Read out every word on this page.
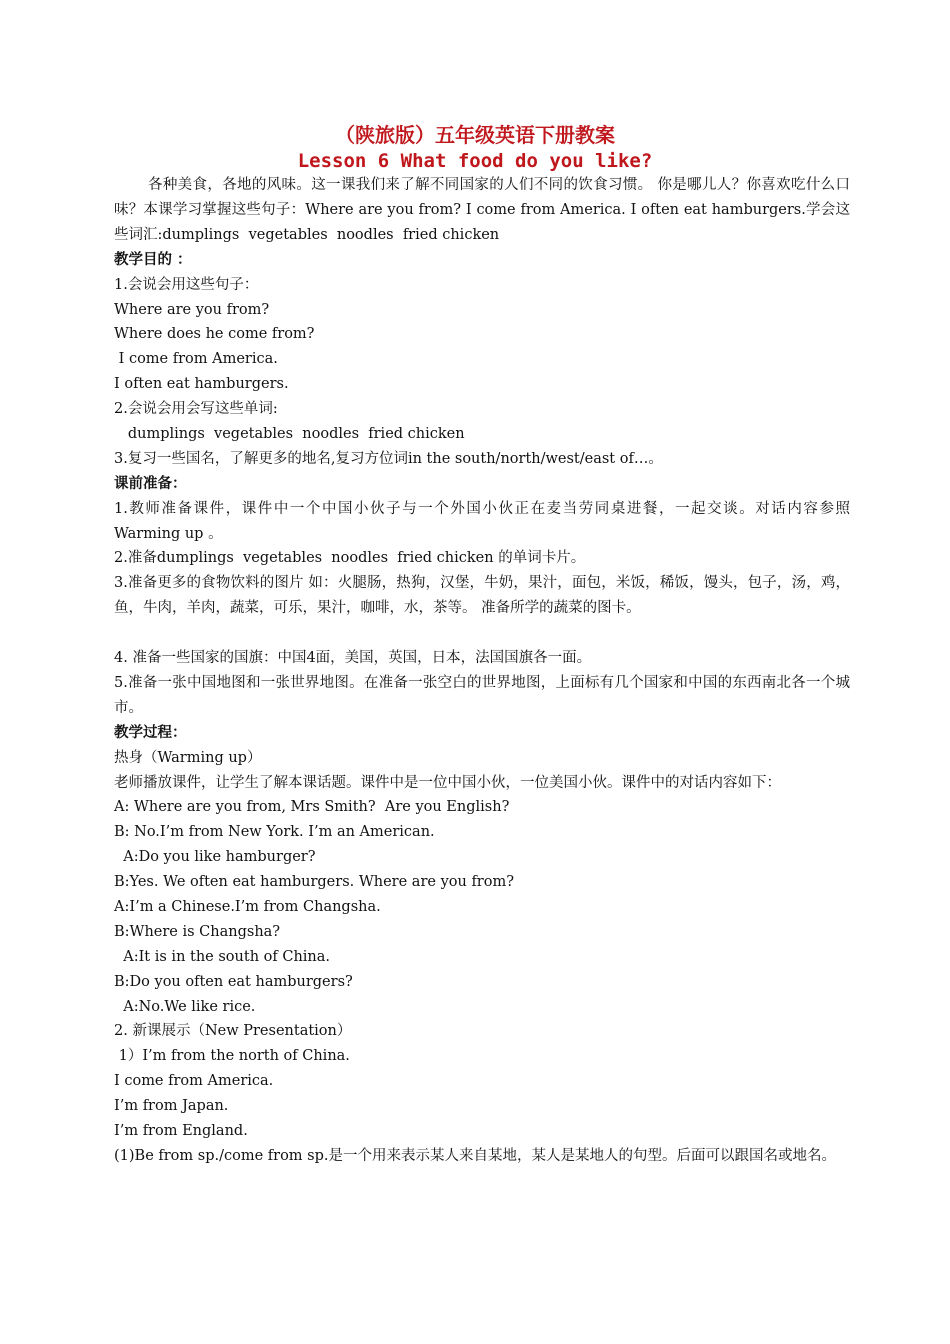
（陕旅版）五年级英语下册教案
Lesson 6 What food do you like?

各种美食，各地的风味。这一课我们来了解不同国家的人们不同的饮食习惯。 你是哪儿人？你喜欢吃什么口味？本课学习掌握这些句子：Where are you from? I come from America. I often eat hamburgers.学会这些词汇:dumplings  vegetables  noodles  fried chicken

教学目的 ：
1.会说会用这些句子：
Where are you from?
Where does he come from?
I come from America.
I often eat hamburgers.
2.会说会用会写这些单词:
dumplings  vegetables  noodles  fried chicken
3.复习一些国名，了解更多的地名,复习方位词in the south/north/west/east of…。
课前准备：

1.教师准备课件，课件中一个中国小伙子与一个外国小伙正在麦当劳同桌进餐，一起交谈。对话内容参照 Warming up 。

2.准备dumplings  vegetables  noodles  fried chicken 的单词卡片。

3.准备更多的食物饮料的图片 如：火腿肠，热狗，汉堡，牛奶，果汁，面包，米饭，稀饭，馒头，包子，汤，鸡，鱼，牛肉，羊肉，蔬菜，可乐，果汁，咖啡，水，茶等。 准备所学的蔬菜的图卡。

4. 准备一些国家的国旗：中国4面，美国，英国，日本，法国国旗各一面。

5.准备一张中国地图和一张世界地图。在准备一张空白的世界地图，上面标有几个国家和中国的东西南北各一个城市。

教学过程：
热身（Warming up）

老师播放课件，让学生了解本课话题。课件中是一位中国小伙，一位美国小伙。课件中的对话内容如下：

A: Where are you from, Mrs Smith?  Are you English?
B: No.I’m from New York. I’m an American.
A:Do you like hamburger?
B:Yes. We often eat hamburgers. Where are you from?
A:I’m a Chinese.I’m from Changsha.
B:Where is Changsha?
A:It is in the south of China.
B:Do you often eat hamburgers?
A:No.We like rice.
2. 新课展示（New Presentation）
1）I’m from the north of China.
I come from America.
I’m from Japan.
I’m from England.

(1)Be from sp./come from sp.是一个用来表示某人来自某地，某人是某地人的句型。后面可以跟国名或地名。
